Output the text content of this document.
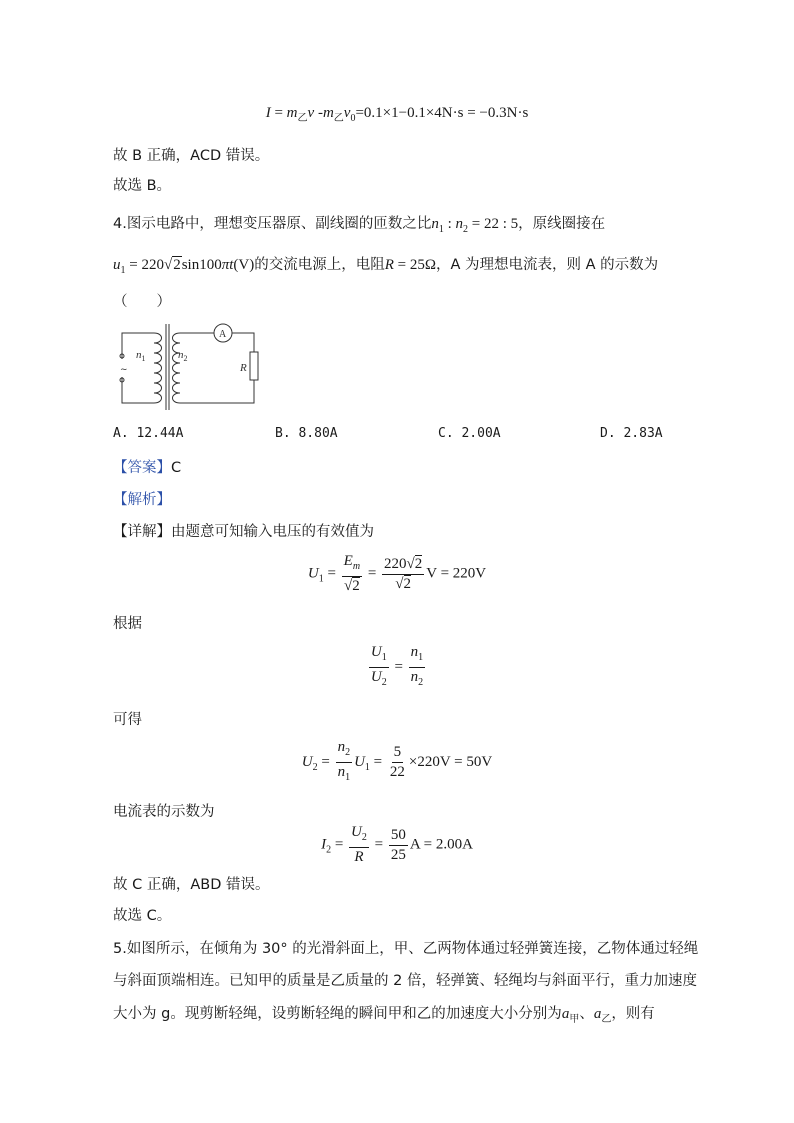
$I = m_乙v$ $-m_乙v_0=0.1\times 1-0.1\times 4N\cdot s = -0.3N\cdot s$
故 B 正确，ACD 错误。
故选 B。
4.图示电路中，理想变压器原、副线圈的匝数之比$n_1$ : $n_2 = 22$ : 5，原线圈接在
$u_1 = 220√2\sin 100\pi t(V)$的交流电源上，电阻R = 25Ω，A 为理想电流表，则 A 的示数为
（　　）
~
A
$n_1$	$n_2$
R
A. 12.44A	B. 8.80A	C. 2.00A	D. 2.83A
【答案】C
【解析】
【详解】由题意可知输入电压的有效值为
$U_1 = \frac{E_m}{√2} = \frac{220√2}{√2}$ V = 220V
根据
$\frac{U_1}{U_2} = \frac{n_1}{n_2}$
可得
$U_2 = \frac{n_2}{n_1} U_1 = \frac{5}{22} \times 220V = 50V$
电流表的示数为
$I_2 = \frac{U_2}{R} = \frac{50}{25}$ A = 2.00A
故 C 正确，ABD 错误。
故选 C。
5.如图所示，在倾角为 30° 的光滑斜面上，甲、乙两物体通过轻弹簧连接，乙物体通过轻绳
与斜面顶端相连。已知甲的质量是乙质量的 2 倍，轻弹簧、轻绳均与斜面平行，重力加速度
大小为 g。现剪断轻绳，设剪断轻绳的瞬间甲和乙的加速度大小分别为$a_甲$、$a_乙$，则有
